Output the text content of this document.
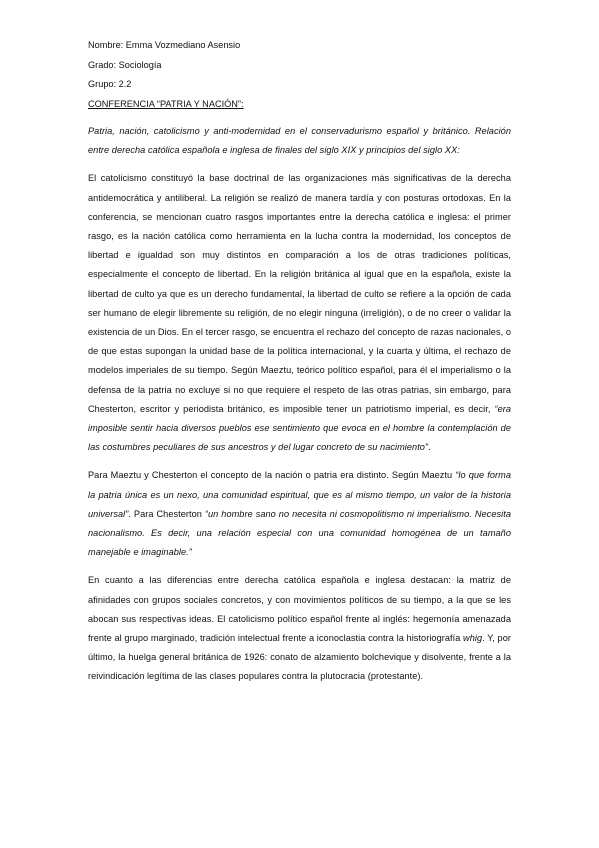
Nombre: Emma Vozmediano Asensio

Grado: Sociología

Grupo: 2.2

CONFERENCIA “PATRIA Y NACIÓN”:

Patria, nación, catolicismo y anti-modernidad en el conservadurismo español y británico. Relación entre derecha católica española e inglesa de finales del siglo XIX y principios del siglo XX:

El catolicismo constituyó la base doctrinal de las organizaciones más significativas de la derecha antidemocrática y antiliberal. La religión se realizó de manera tardía y con posturas ortodoxas. En la conferencia, se mencionan cuatro rasgos importantes entre la derecha católica e inglesa: el primer rasgo, es la nación católica como herramienta en la lucha contra la modernidad, los conceptos de libertad e igualdad son muy distintos en comparación a los de otras tradiciones políticas, especialmente el concepto de libertad. En la religión británica al igual que en la española, existe la libertad de culto ya que es un derecho fundamental, la libertad de culto se refiere a la opción de cada ser humano de elegir libremente su religión, de no elegir ninguna (irreligión), o de no creer o validar la existencia de un Dios. En el tercer rasgo, se encuentra el rechazo del concepto de razas nacionales, o de que estas supongan la unidad base de la política internacional, y la cuarta y última, el rechazo de modelos imperiales de su tiempo. Según Maeztu, teórico político español, para él el imperialismo o la defensa de la patria no excluye si no que requiere el respeto de las otras patrias, sin embargo, para Chesterton, escritor y periodista británico, es imposible tener un patriotismo imperial, es decir, “era imposible sentir hacia diversos pueblos ese sentimiento que evoca en el hombre la contemplación de las costumbres peculiares de sus ancestros y del lugar concreto de su nacimiento”.

Para Maeztu y Chesterton el concepto de la nación o patria era distinto. Según Maeztu “lo que forma la patria única es un nexo, una comunidad espiritual, que es al mismo tiempo, un valor de la historia universal”. Para Chesterton “un hombre sano no necesita ni cosmopolitismo ni imperialismo. Necesita nacionalismo. Es decir, una relación especial con una comunidad homogénea de un tamaño manejable e imaginable.”

En cuanto a las diferencias entre derecha católica española e inglesa destacan: la matriz de afinidades con grupos sociales concretos, y con movimientos políticos de su tiempo, a la que se les abocan sus respectivas ideas. El catolicismo político español frente al inglés: hegemonía amenazada frente al grupo marginado, tradición intelectual frente a iconoclastia contra la historiografía whig. Y, por último, la huelga general británica de 1926: conato de alzamiento bolchevique y disolvente, frente a la reivindicación legítima de las clases populares contra la plutocracia (protestante).
